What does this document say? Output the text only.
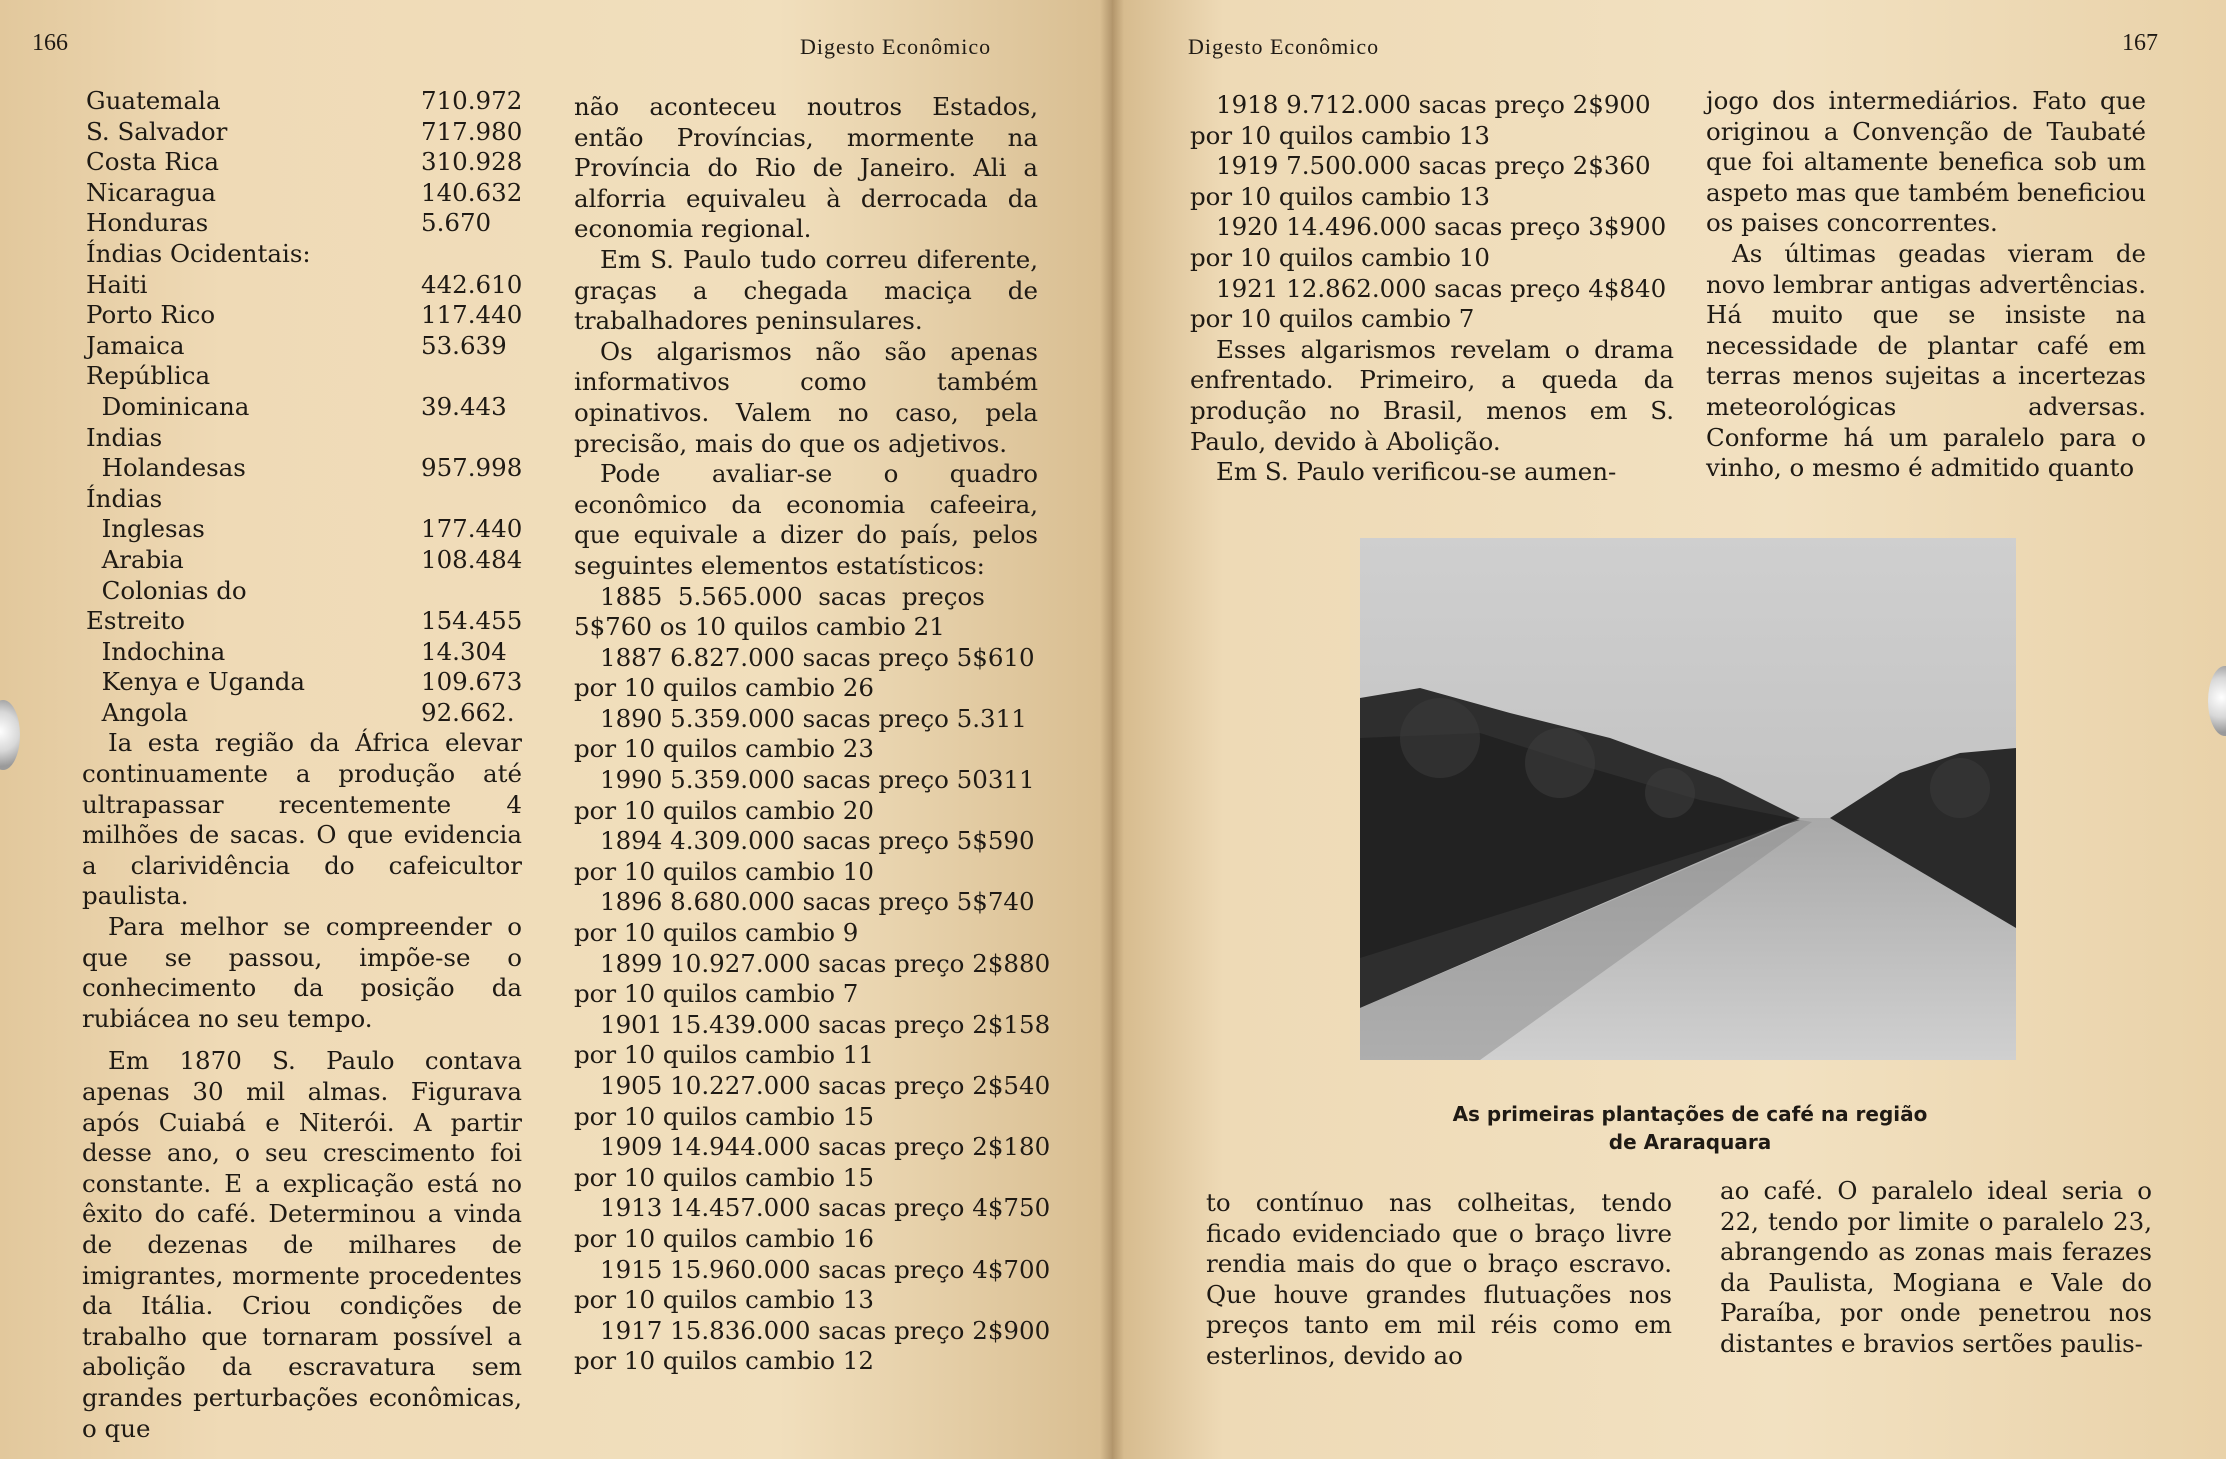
166	Digesto Econômico
Guatemala	710.972
S. Salvador	717.980
Costa Rica	310.928
Nicaragua	140.632
Honduras	5.670
Índias Ocidentais:
Haiti	442.610
Porto Rico	117.440
Jamaica	53.639
República
Dominicana	39.443
Indias
Holandesas	957.998
Índias
Inglesas	177.440
Arabia	108.484
Colonias do
Estreito	154.455
Indochina	14.304
Kenya e Uganda	109.673
Angola	92.662.

Ia esta região da África elevar continuamente a produção até ultrapassar recentemente 4 milhões de sacas. O que evidencia a clarividência do cafeicultor paulista.

Para melhor se compreender o que se passou, impõe-se o conhecimento da posição da rubiácea no seu tempo.

Em 1870 S. Paulo contava apenas 30 mil almas. Figurava após Cuiabá e Niterói. A partir desse ano, o seu crescimento foi constante. E a explicação está no êxito do café. Determinou a vinda de dezenas de milhares de imigrantes, mormente procedentes da Itália. Criou condições de trabalho que tornaram possível a abolição da escravatura sem grandes perturbações econômicas, o que

não aconteceu noutros Estados, então Províncias, mormente na Província do Rio de Janeiro. Ali a alforria equivaleu à derrocada da economia regional.

Em S. Paulo tudo correu diferente, graças a chegada maciça de trabalhadores peninsulares.

Os algarismos não são apenas informativos como também opinativos. Valem no caso, pela precisão, mais do que os adjetivos.

Pode avaliar-se o quadro econômico da economia cafeeira, que equivale a dizer do país, pelos seguintes elementos estatísticos:

1885  5.565.000  sacas  preços

5$760 os 10 quilos cambio 21

1887 6.827.000 sacas preço 5$610

por 10 quilos cambio 26

1890 5.359.000 sacas preço 5.311

por 10 quilos cambio 23

1990 5.359.000 sacas preço 50311

por 10 quilos cambio 20

1894 4.309.000 sacas preço 5$590

por 10 quilos cambio 10

1896 8.680.000 sacas preço 5$740

por 10 quilos cambio 9

1899 10.927.000 sacas preço 2$880

por 10 quilos cambio 7

1901 15.439.000 sacas preço 2$158

por 10 quilos cambio 11

1905 10.227.000 sacas preço 2$540

por 10 quilos cambio 15

1909 14.944.000 sacas preço 2$180

por 10 quilos cambio 15

1913 14.457.000 sacas preço 4$750

por 10 quilos cambio 16

1915 15.960.000 sacas preço 4$700

por 10 quilos cambio 13

1917 15.836.000 sacas preço 2$900

por 10 quilos cambio 12

Digesto Econômico	167

1918 9.712.000 sacas preço 2$900

por 10 quilos cambio 13

1919 7.500.000 sacas preço 2$360

por 10 quilos cambio 13

1920 14.496.000 sacas preço 3$900

por 10 quilos cambio 10

1921 12.862.000 sacas preço 4$840

por 10 quilos cambio 7

Esses algarismos revelam o drama enfrentado. Primeiro, a queda da produção no Brasil, menos em S. Paulo, devido à Abolição.

Em S. Paulo verificou-se aumen-

jogo dos intermediários. Fato que originou a Convenção de Taubaté que foi altamente benefica sob um aspeto mas que também beneficiou os paises concorrentes.

As últimas geadas vieram de novo lembrar antigas advertências. Há muito que se insiste na necessidade de plantar café em terras menos sujeitas a incertezas meteorológicas adversas. Conforme há um paralelo para o vinho, o mesmo é admitido quanto

to contínuo nas colheitas, tendo ficado evidenciado que o braço livre rendia mais do que o braço escravo. Que houve grandes flutuações nos preços tanto em mil réis como em esterlinos, devido ao

ao café. O paralelo ideal seria o 22, tendo por limite o paralelo 23, abrangendo as zonas mais ferazes da Paulista, Mogiana e Vale do Paraíba, por onde penetrou nos distantes e bravios sertões paulis-

As primeiras plantações de café na região
de Araraquara
